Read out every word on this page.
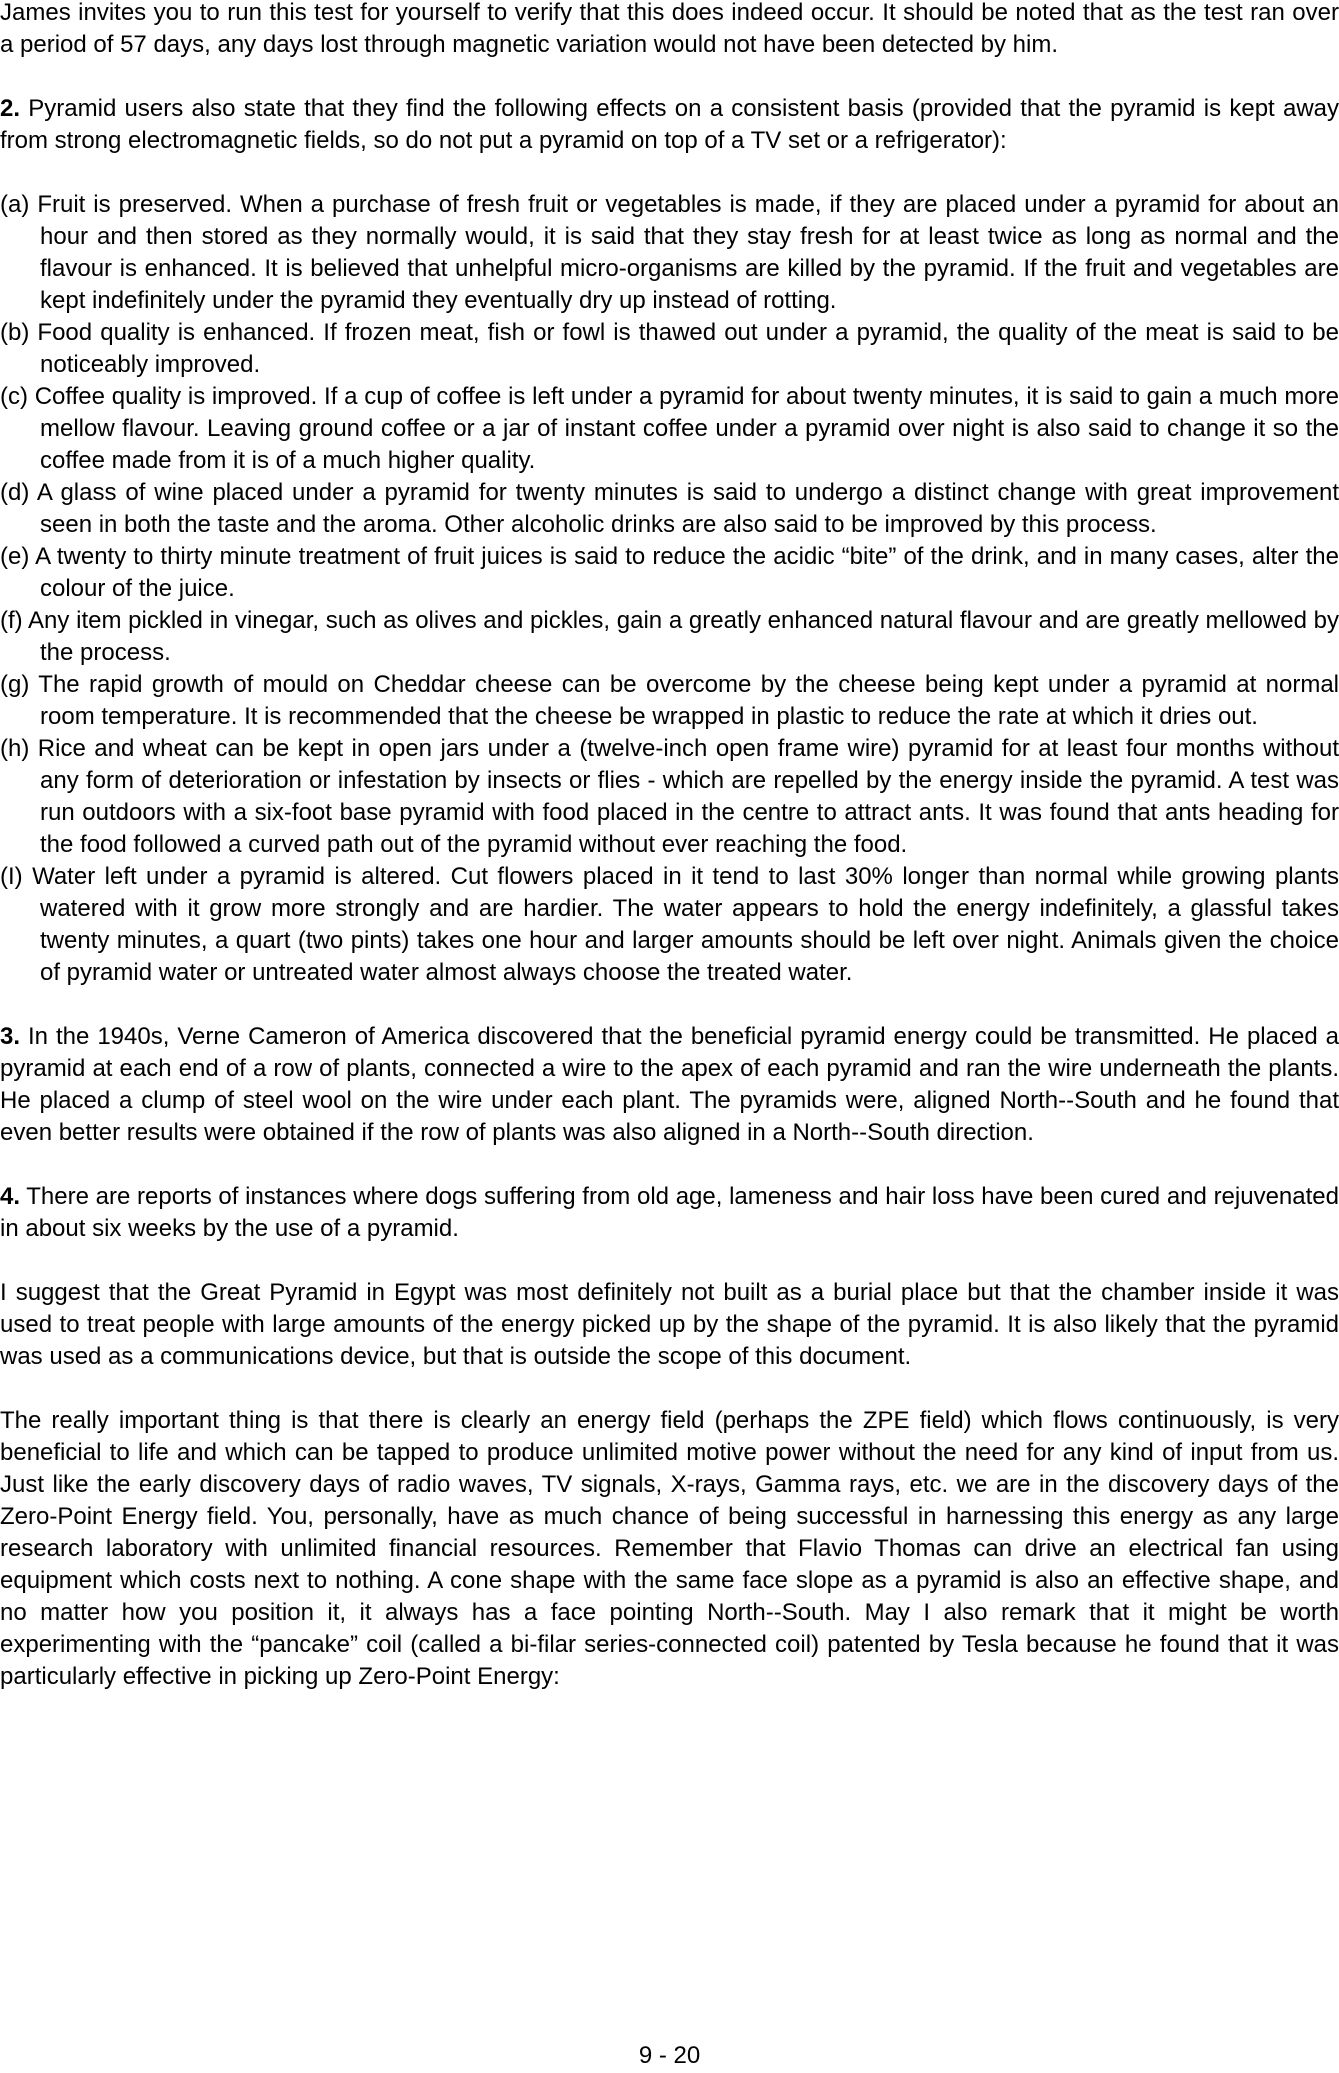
James invites you to run this test for yourself to verify that this does indeed occur. It should be noted that as the test ran over a period of 57 days, any days lost through magnetic variation would not have been detected by him.

2. Pyramid users also state that they find the following effects on a consistent basis (provided that the pyramid is kept away from strong electromagnetic fields, so do not put a pyramid on top of a TV set or a refrigerator):

(a) Fruit is preserved. When a purchase of fresh fruit or vegetables is made, if they are placed under a pyramid for about an hour and then stored as they normally would, it is said that they stay fresh for at least twice as long as normal and the flavour is enhanced. It is believed that unhelpful micro-organisms are killed by the pyramid. If the fruit and vegetables are kept indefinitely under the pyramid they eventually dry up instead of rotting.

(b) Food quality is enhanced. If frozen meat, fish or fowl is thawed out under a pyramid, the quality of the meat is said to be noticeably improved.

(c) Coffee quality is improved. If a cup of coffee is left under a pyramid for about twenty minutes, it is said to gain a much more mellow flavour. Leaving ground coffee or a jar of instant coffee under a pyramid over night is also said to change it so the coffee made from it is of a much higher quality.

(d) A glass of wine placed under a pyramid for twenty minutes is said to undergo a distinct change with great improvement seen in both the taste and the aroma. Other alcoholic drinks are also said to be improved by this process.

(e) A twenty to thirty minute treatment of fruit juices is said to reduce the acidic “bite” of the drink, and in many cases, alter the colour of the juice.

(f) Any item pickled in vinegar, such as olives and pickles, gain a greatly enhanced natural flavour and are greatly mellowed by the process.

(g) The rapid growth of mould on Cheddar cheese can be overcome by the cheese being kept under a pyramid at normal room temperature. It is recommended that the cheese be wrapped in plastic to reduce the rate at which it dries out.

(h) Rice and wheat can be kept in open jars under a (twelve-inch open frame wire) pyramid for at least four months without any form of deterioration or infestation by insects or flies - which are repelled by the energy inside the pyramid. A test was run outdoors with a six-foot base pyramid with food placed in the centre to attract ants. It was found that ants heading for the food followed a curved path out of the pyramid without ever reaching the food.

(I) Water left under a pyramid is altered. Cut flowers placed in it tend to last 30% longer than normal while growing plants watered with it grow more strongly and are hardier. The water appears to hold the energy indefinitely, a glassful takes twenty minutes, a quart (two pints) takes one hour and larger amounts should be left over night. Animals given the choice of pyramid water or untreated water almost always choose the treated water.

3. In the 1940s, Verne Cameron of America discovered that the beneficial pyramid energy could be transmitted. He placed a pyramid at each end of a row of plants, connected a wire to the apex of each pyramid and ran the wire underneath the plants. He placed a clump of steel wool on the wire under each plant. The pyramids were, aligned North--South and he found that even better results were obtained if the row of plants was also aligned in a North--South direction.

4. There are reports of instances where dogs suffering from old age, lameness and hair loss have been cured and rejuvenated in about six weeks by the use of a pyramid.

I suggest that the Great Pyramid in Egypt was most definitely not built as a burial place but that the chamber inside it was used to treat people with large amounts of the energy picked up by the shape of the pyramid. It is also likely that the pyramid was used as a communications device, but that is outside the scope of this document.

The really important thing is that there is clearly an energy field (perhaps the ZPE field) which flows continuously, is very beneficial to life and which can be tapped to produce unlimited motive power without the need for any kind of input from us. Just like the early discovery days of radio waves, TV signals, X-rays, Gamma rays, etc. we are in the discovery days of the Zero-Point Energy field. You, personally, have as much chance of being successful in harnessing this energy as any large research laboratory with unlimited financial resources. Remember that Flavio Thomas can drive an electrical fan using equipment which costs next to nothing. A cone shape with the same face slope as a pyramid is also an effective shape, and no matter how you position it, it always has a face pointing North--South. May I also remark that it might be worth experimenting with the “pancake” coil (called a bi-filar series-connected coil) patented by Tesla because he found that it was particularly effective in picking up Zero-Point Energy:

9 - 20
